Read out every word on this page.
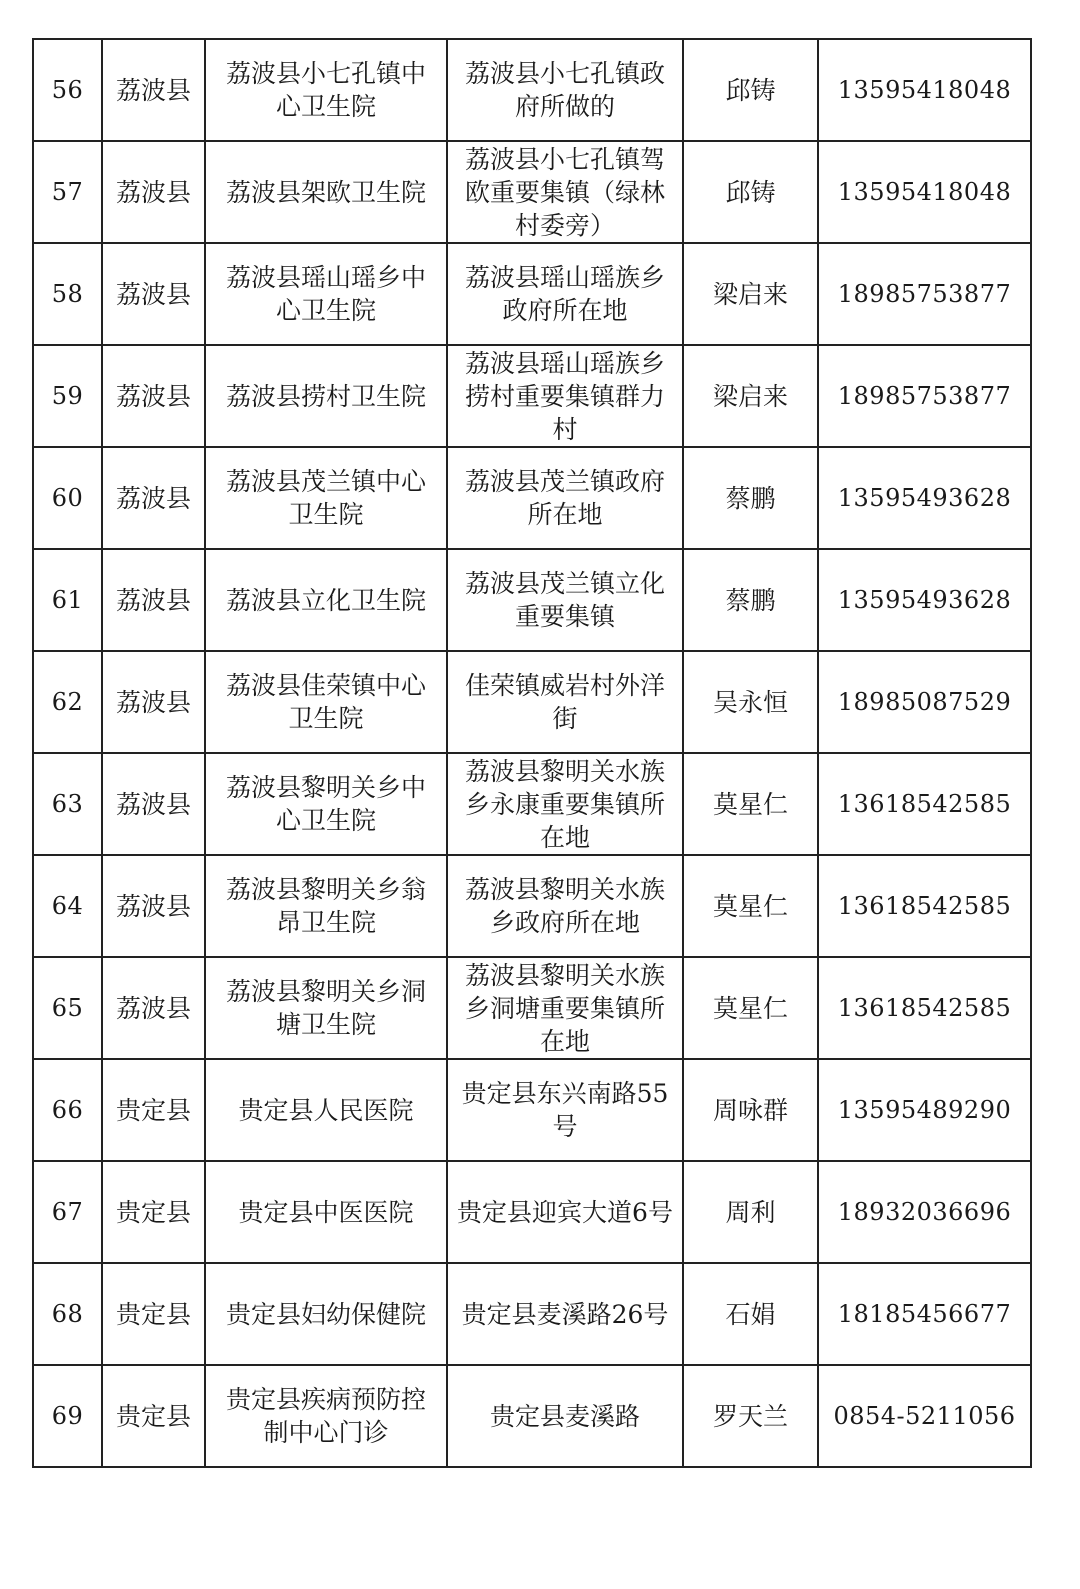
56	荔波县	荔波县小七孔镇中心卫生院	荔波县小七孔镇政府所做的	邱铸	13595418048
57	荔波县	荔波县架欧卫生院	荔波县小七孔镇驾欧重要集镇（绿林村委旁）	邱铸	13595418048
58	荔波县	荔波县瑶山瑶乡中心卫生院	荔波县瑶山瑶族乡政府所在地	梁启来	18985753877
59	荔波县	荔波县捞村卫生院	荔波县瑶山瑶族乡捞村重要集镇群力村	梁启来	18985753877
60	荔波县	荔波县茂兰镇中心卫生院	荔波县茂兰镇政府所在地	蔡鹏	13595493628
61	荔波县	荔波县立化卫生院	荔波县茂兰镇立化重要集镇	蔡鹏	13595493628
62	荔波县	荔波县佳荣镇中心卫生院	佳荣镇威岩村外洋街	吴永恒	18985087529
63	荔波县	荔波县黎明关乡中心卫生院	荔波县黎明关水族乡永康重要集镇所在地	莫星仁	13618542585
64	荔波县	荔波县黎明关乡翁昂卫生院	荔波县黎明关水族乡政府所在地	莫星仁	13618542585
65	荔波县	荔波县黎明关乡洞塘卫生院	荔波县黎明关水族乡洞塘重要集镇所在地	莫星仁	13618542585
66	贵定县	贵定县人民医院	贵定县东兴南路55号	周咏群	13595489290
67	贵定县	贵定县中医医院	贵定县迎宾大道6号	周利	18932036696
68	贵定县	贵定县妇幼保健院	贵定县麦溪路26号	石娟	18185456677
69	贵定县	贵定县疾病预防控制中心门诊	贵定县麦溪路	罗天兰	0854-5211056
